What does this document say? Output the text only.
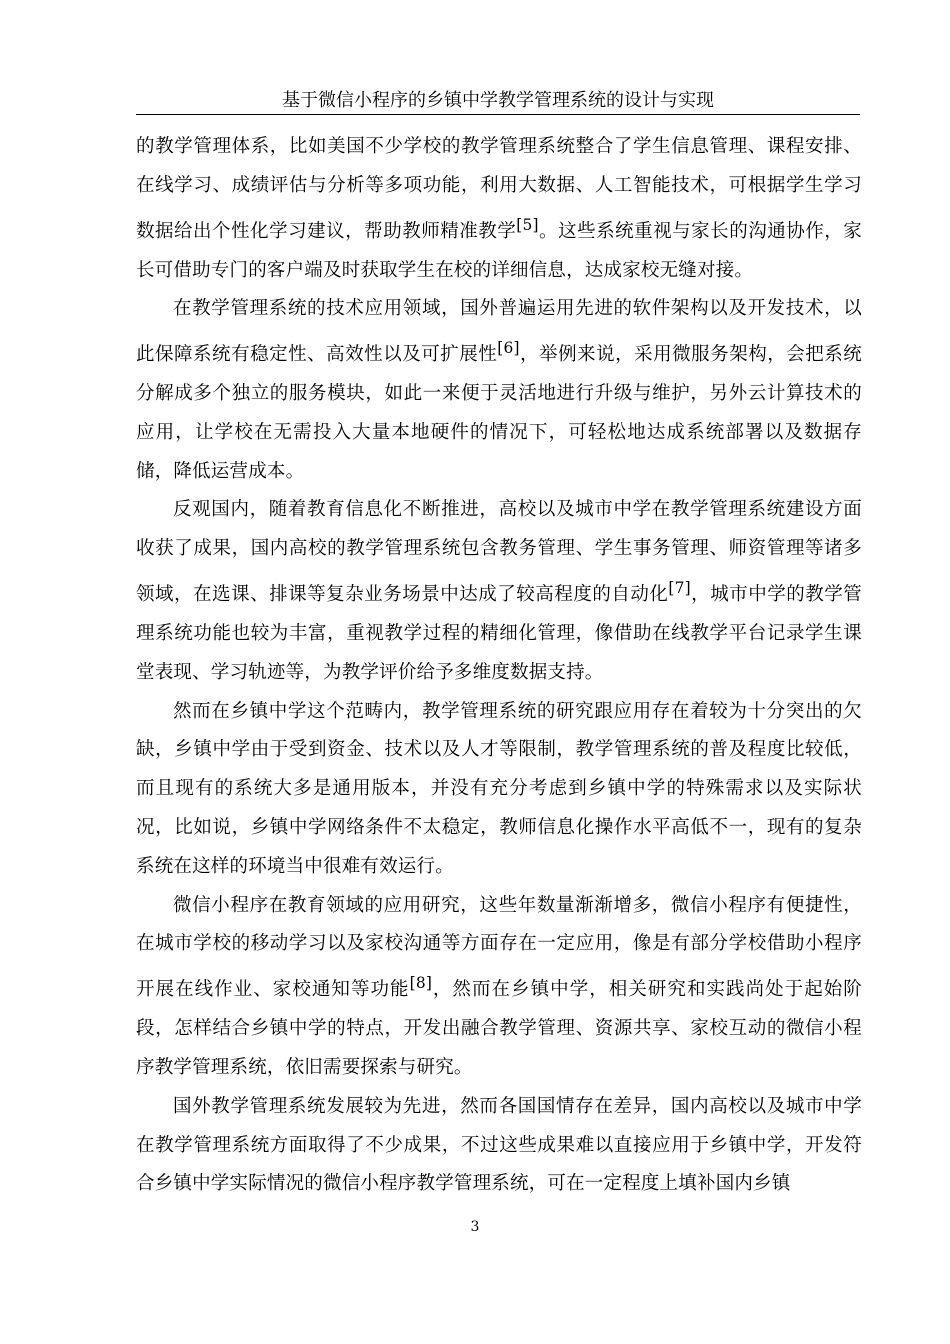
基于微信小程序的乡镇中学教学管理系统的设计与实现

的教学管理体系，比如美国不少学校的教学管理系统整合了学生信息管理、课程安排、在线学习、成绩评估与分析等多项功能，利用大数据、人工智能技术，可根据学生学习数据给出个性化学习建议，帮助教师精准教学[5]。这些系统重视与家长的沟通协作，家长可借助专门的客户端及时获取学生在校的详细信息，达成家校无缝对接。

在教学管理系统的技术应用领域，国外普遍运用先进的软件架构以及开发技术，以此保障系统有稳定性、高效性以及可扩展性[6]，举例来说，采用微服务架构，会把系统分解成多个独立的服务模块，如此一来便于灵活地进行升级与维护，另外云计算技术的应用，让学校在无需投入大量本地硬件的情况下，可轻松地达成系统部署以及数据存储，降低运营成本。

反观国内，随着教育信息化不断推进，高校以及城市中学在教学管理系统建设方面收获了成果，国内高校的教学管理系统包含教务管理、学生事务管理、师资管理等诸多领域，在选课、排课等复杂业务场景中达成了较高程度的自动化[7]，城市中学的教学管理系统功能也较为丰富，重视教学过程的精细化管理，像借助在线教学平台记录学生课堂表现、学习轨迹等，为教学评价给予多维度数据支持。

然而在乡镇中学这个范畴内，教学管理系统的研究跟应用存在着较为十分突出的欠缺，乡镇中学由于受到资金、技术以及人才等限制，教学管理系统的普及程度比较低，而且现有的系统大多是通用版本，并没有充分考虑到乡镇中学的特殊需求以及实际状况，比如说，乡镇中学网络条件不太稳定，教师信息化操作水平高低不一，现有的复杂系统在这样的环境当中很难有效运行。

微信小程序在教育领域的应用研究，这些年数量渐渐增多，微信小程序有便捷性，在城市学校的移动学习以及家校沟通等方面存在一定应用，像是有部分学校借助小程序开展在线作业、家校通知等功能[8]，然而在乡镇中学，相关研究和实践尚处于起始阶段，怎样结合乡镇中学的特点，开发出融合教学管理、资源共享、家校互动的微信小程序教学管理系统，依旧需要探索与研究。

国外教学管理系统发展较为先进，然而各国国情存在差异，国内高校以及城市中学在教学管理系统方面取得了不少成果，不过这些成果难以直接应用于乡镇中学，开发符合乡镇中学实际情况的微信小程序教学管理系统，可在一定程度上填补国内乡镇

3
